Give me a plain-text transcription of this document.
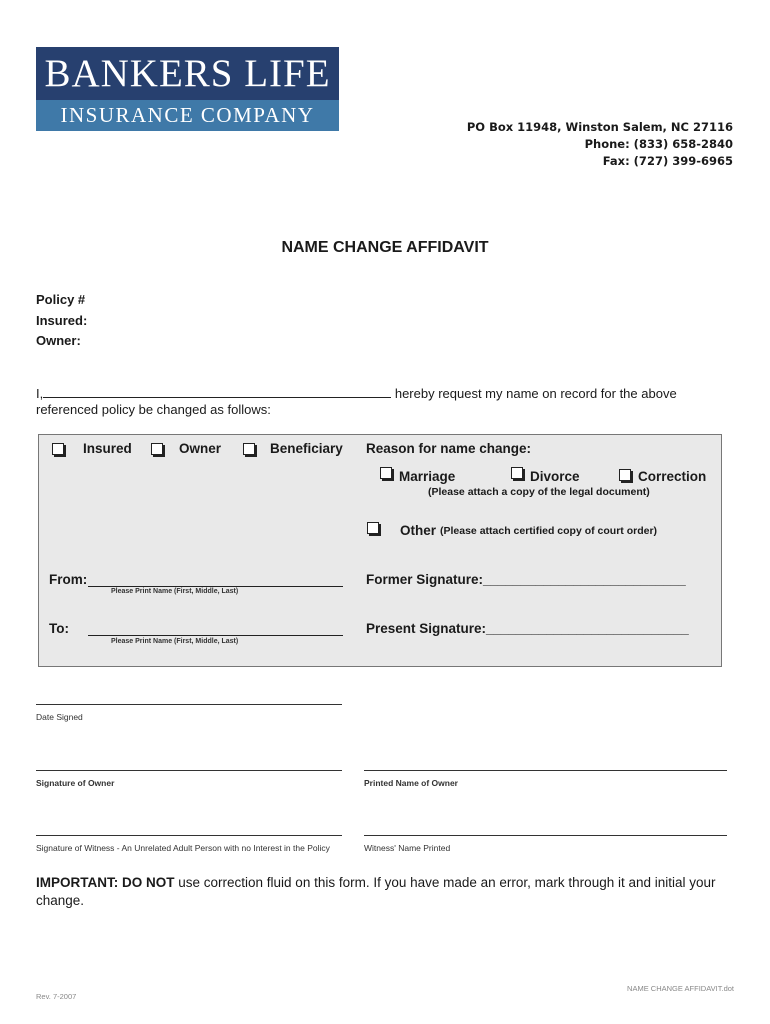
BANKERS LIFE
INSURANCE COMPANY	PO Box 11948, Winston Salem, NC 27116
Phone: (833) 658-2840
Fax: (727) 399-6965
NAME CHANGE AFFIDAVIT
Policy #
Insured:
Owner:
I,	hereby request my name on record for the above
referenced policy be changed as follows:
Insured	Owner	Beneficiary Reason for name change:
Marriage	Divorce	Correction
(Please attach a copy of the legal document)
Other (Please attach certified copy of court order)
From:
Please Print Name (First, Middle, Last)
To:
Please Print Name (First, Middle, Last)
Former Signature:___________________________
Present Signature:___________________________
Date Signed
Signature of Owner	Printed Name of Owner
Signature of Witness - An Unrelated Adult Person with no Interest in the Policy	Witness' Name Printed
IMPORTANT: DO NOT use correction fluid on this form. If you have made an error, mark through it and initial your change.
NAME CHANGE AFFIDAVIT.dot
Rev. 7-2007
